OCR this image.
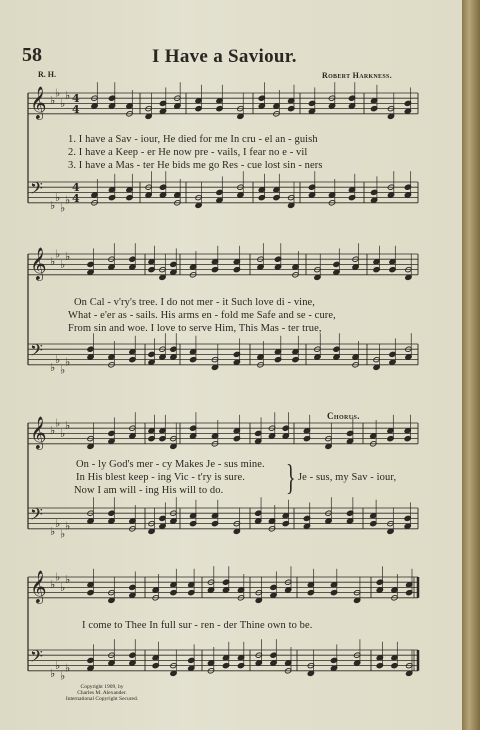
58	I Have a Saviour.
R. H.	Robert Harkness.
𝄞 ♭
♭
♭
♭ 4
4
𝄢
♭
♭
♭
♭
4
4
𝄞 ♭
♭
♭
♭
𝄢
♭
♭
♭
♭
𝄞 ♭
♭
♭
♭
𝄢
♭
♭
♭
♭
𝄞 ♭
♭
♭
♭
𝄢
♭
♭
♭
♭
1. I have a Sav - iour, He died for me In cru - el an - guish
2. I have a Keep - er He now pre - vails, I fear no e - vil
3. I have a Mas - ter He bids me go Res - cue lost sin - ners
On Cal - v'ry's tree. I do not mer - it Such love di - vine,
What - e'er as - sails. His arms en - fold me Safe and se - cure,
From sin and woe. I love to serve Him, This Mas - ter true,
Chorus.
On - ly God's mer - cy Makes Je - sus mine.
In His blest keep - ing Vic - t'ry is sure.
Now I am will - ing His will to do. } Je - sus, my Sav - iour,
I come to Thee In full sur - ren - der Thine own to be.
Copyright 1909, by
Charles M. Alexander.
International Copyright Secured.
